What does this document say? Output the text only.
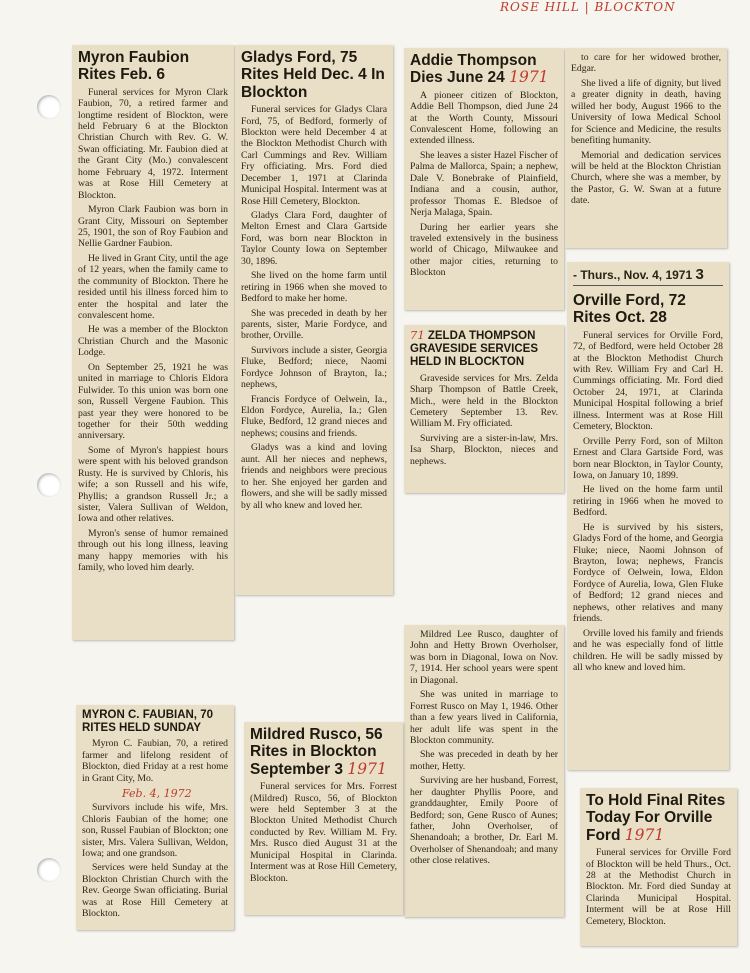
ROSE HILL | BLOCKTON
Myron Faubion Rites Feb. 6

Funeral services for Myron Clark Faubion, 70, a retired farmer and longtime resident of Blockton, were held February 6 at the Blockton Christian Church with Rev. G. W. Swan officiating. Mr. Faubion died at the Grant City (Mo.) convalescent home February 4, 1972. Interment was at Rose Hill Cemetery at Blockton.

Myron Clark Faubion was born in Grant City, Missouri on September 25, 1901, the son of Roy Faubion and Nellie Gardner Faubion.

He lived in Grant City, until the age of 12 years, when the family came to the community of Blockton. There he resided until his illness forced him to enter the hospital and later the convalescent home.

He was a member of the Blockton Christian Church and the Masonic Lodge.

On September 25, 1921 he was united in marriage to Chloris Eldora Fulwider. To this union was born one son, Russell Vergene Faubion. This past year they were honored to be together for their 50th wedding anniversary.

Some of Myron's happiest hours were spent with his beloved grandson Rusty. He is survived by Chloris, his wife; a son Russell and his wife, Phyllis; a grandson Russell Jr.; a sister, Valera Sullivan of Weldon, Iowa and other relatives.

Myron's sense of humor remained through out his long illness, leaving many happy memories with his family, who loved him dearly.

Gladys Ford, 75 Rites Held Dec. 4 In Blockton

Funeral services for Gladys Clara Ford, 75, of Bedford, formerly of Blockton were held December 4 at the Blockton Methodist Church with Carl Cummings and Rev. William Fry officiating. Mrs. Ford died December 1, 1971 at Clarinda Municipal Hospital. Interment was at Rose Hill Cemetery, Blockton.

Gladys Clara Ford, daughter of Melton Ernest and Clara Gartside Ford, was born near Blockton in Taylor County Iowa on September 30, 1896.

She lived on the home farm until retiring in 1966 when she moved to Bedford to make her home.

She was preceded in death by her parents, sister, Marie Fordyce, and brother, Orville.

Survivors include a sister, Georgia Fluke, Bedford; niece, Naomi Fordyce Johnson of Brayton, Ia.; nephews,

Francis Fordyce of Oelwein, Ia., Eldon Fordyce, Aurelia, Ia.; Glen Fluke, Bedford, 12 grand nieces and nephews; cousins and friends.

Gladys was a kind and loving aunt. All her nieces and nephews, friends and neighbors were precious to her. She enjoyed her garden and flowers, and she will be sadly missed by all who knew and loved her.

Addie Thompson Dies June 24 1971

A pioneer citizen of Blockton, Addie Bell Thompson, died June 24 at the Worth County, Missouri Convalescent Home, following an extended illness.

She leaves a sister Hazel Fischer of Palma de Mallorca, Spain; a nephew, Dale V. Bonebrake of Plainfield, Indiana and a cousin, author, professor Thomas E. Bledsoe of Nerja Malaga, Spain.

During her earlier years she traveled extensively in the business world of Chicago, Milwaukee and other major cities, returning to Blockton

to care for her widowed brother, Edgar.

She lived a life of dignity, but lived a greater dignity in death, having willed her body, August 1966 to the University of Iowa Medical School for Science and Medicine, the results benefiting humanity.

Memorial and dedication services will be held at the Blockton Christian Church, where she was a member, by the Pastor, G. W. Swan at a future date.

71 ZELDA THOMPSON GRAVESIDE SERVICES HELD IN BLOCKTON

Graveside services for Mrs. Zelda Sharp Thompson of Battle Creek, Mich., were held in the Blockton Cemetery September 13. Rev. William M. Fry officiated.

Surviving are a sister-in-law, Mrs. Isa Sharp, Blockton, nieces and nephews.

- Thurs., Nov. 4, 1971 3
Orville Ford, 72 Rites Oct. 28

Funeral services for Orville Ford, 72, of Bedford, were held October 28 at the Blockton Methodist Church with Rev. William Fry and Carl H. Cummings officiating. Mr. Ford died October 24, 1971, at Clarinda Municipal Hospital following a brief illness. Interment was at Rose Hill Cemetery, Blockton.

Orville Perry Ford, son of Milton Ernest and Clara Gartside Ford, was born near Blockton, in Taylor County, Iowa, on January 10, 1899.

He lived on the home farm until retiring in 1966 when he moved to Bedford.

He is survived by his sisters, Gladys Ford of the home, and Georgia Fluke; niece, Naomi Johnson of Brayton, Iowa; nephews, Francis Fordyce of Oelwein, Iowa, Eldon Fordyce of Aurelia, Iowa, Glen Fluke of Bedford; 12 grand nieces and nephews, other relatives and many friends.

Orville loved his family and friends and he was especially fond of little children. He will be sadly missed by all who knew and loved him.

Mildred Lee Rusco, daughter of John and Hetty Brown Overholser, was born in Diagonal, Iowa on Nov. 7, 1914. Her school years were spent in Diagonal.

She was united in marriage to Forrest Rusco on May 1, 1946. Other than a few years lived in California, her adult life was spent in the Blockton community.

She was preceded in death by her mother, Hetty.

Surviving are her husband, Forrest, her daughter Phyllis Poore, and granddaughter, Emily Poore of Bedford; son, Gene Rusco of Aunes; father, John Overholser, of Shenandoah; a brother, Dr. Earl M. Overholser of Shenandoah; and many other close relatives.

MYRON C. FAUBIAN, 70 RITES HELD SUNDAY

Myron C. Faubian, 70, a retired farmer and lifelong resident of Blockton, died Friday at a rest home in Grant City, Mo.

Feb. 4, 1972

Survivors include his wife, Mrs. Chloris Faubian of the home; one son, Russel Faubian of Blockton; one sister, Mrs. Valera Sullivan, Weldon, Iowa; and one grandson.

Services were held Sunday at the Blockton Christian Church with the Rev. George Swan officiating. Burial was at Rose Hill Cemetery at Blockton.

Mildred Rusco, 56 Rites in Blockton September 3 1971

Funeral services for Mrs. Forrest (Mildred) Rusco, 56, of Blockton were held September 3 at the Blockton United Methodist Church conducted by Rev. William M. Fry. Mrs. Rusco died August 31 at the Municipal Hospital in Clarinda. Interment was at Rose Hill Cemetery, Blockton.

To Hold Final Rites Today For Orville Ford 1971

Funeral services for Orville Ford of Blockton will be held Thurs., Oct. 28 at the Methodist Church in Blockton. Mr. Ford died Sunday at Clarinda Municipal Hospital. Interment will be at Rose Hill Cemetery, Blockton.
